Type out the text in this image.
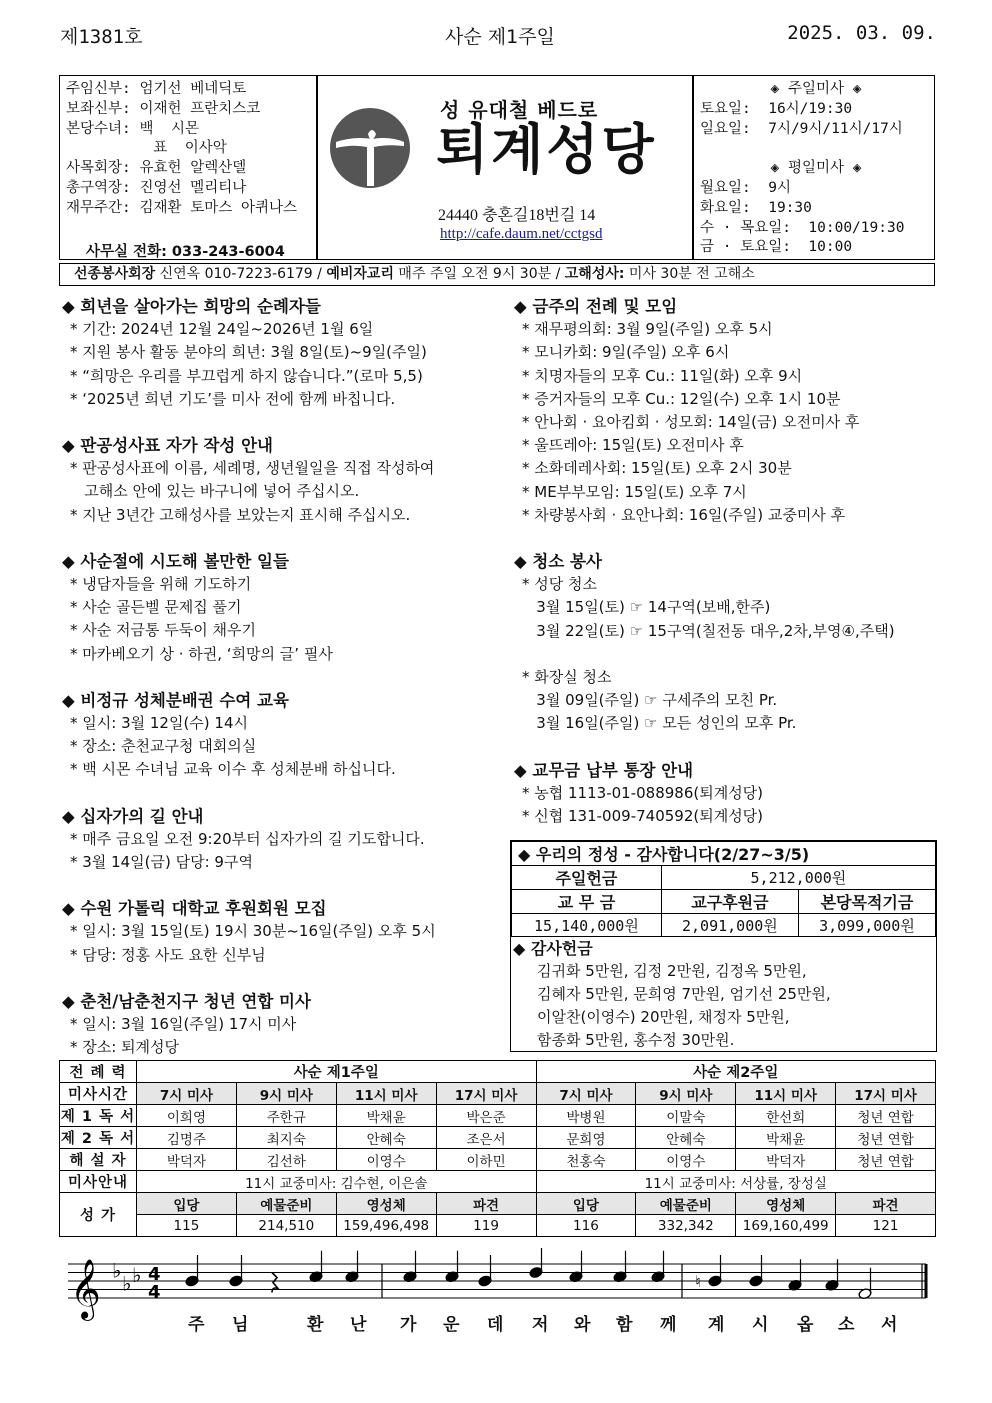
제1381호	사순 제1주일	2025. 03. 09.
주임신부: 엄기선 베네딕토
보좌신부: 이재헌 프란치스코
본당수녀: 백  시몬
표  이사악
사목회장: 유효헌 알렉산델
총구역장: 진영선 멜리티나
재무주간: 김재환 토마스 아퀴나스
사무실 전화: 033-243-6004
성 유대철 베드로
퇴계성당
24440 충혼길18번길 14
http://cafe.daum.net/cctgsd
◈ 주일미사 ◈
토요일:  16시/19:30
일요일:  7시/9시/11시/17시

◈ 평일미사 ◈
월요일:  9시
화요일:  19:30
수 · 목요일:  10:00/19:30
금 · 토요일:  10:00
선종봉사회장 신연옥 010-7223-6179 / 예비자교리 매주 주일 오전 9시 30분 / 고해성사: 미사 30분 전 고해소
◆ 희년을 살아가는 희망의 순례자들
* 기간: 2024년 12월 24일~2026년 1월 6일
* 지원 봉사 활동 분야의 희년: 3월 8일(토)~9일(주일)
* “희망은 우리를 부끄럽게 하지 않습니다.”(로마 5,5)
* ‘2025년 희년 기도’를 미사 전에 함께 바칩니다.
◆ 판공성사표 자가 작성 안내
* 판공성사표에 이름, 세례명, 생년월일을 직접 작성하여
고해소 안에 있는 바구니에 넣어 주십시오.
* 지난 3년간 고해성사를 보았는지 표시해 주십시오.
◆ 사순절에 시도해 볼만한 일들
* 냉담자들을 위해 기도하기
* 사순 골든벨 문제집 풀기
* 사순 저금통 두둑이 채우기
* 마카베오기 상 · 하권, ‘희망의 글’ 필사
◆ 비정규 성체분배권 수여 교육
* 일시: 3월 12일(수) 14시
* 장소: 춘천교구청 대회의실
* 백 시몬 수녀님 교육 이수 후 성체분배 하십니다.
◆ 십자가의 길 안내
* 매주 금요일 오전 9:20부터 십자가의 길 기도합니다.
* 3월 14일(금) 담당: 9구역
◆ 수원 가톨릭 대학교 후원회원 모집
* 일시: 3월 15일(토) 19시 30분~16일(주일) 오후 5시
* 담당: 정홍 사도 요한 신부님
◆ 춘천/남춘천지구 청년 연합 미사
* 일시: 3월 16일(주일) 17시 미사
* 장소: 퇴계성당
◆ 금주의 전례 및 모임
* 재무평의회: 3월 9일(주일) 오후 5시
* 모니카회: 9일(주일) 오후 6시
* 치명자들의 모후 Cu.: 11일(화) 오후 9시
* 증거자들의 모후 Cu.: 12일(수) 오후 1시 10분
* 안나회 · 요아킴회 · 성모회: 14일(금) 오전미사 후
* 울뜨레아: 15일(토) 오전미사 후
* 소화데레사회: 15일(토) 오후 2시 30분
* ME부부모임: 15일(토) 오후 7시
* 차량봉사회 · 요안나회: 16일(주일) 교중미사 후
◆ 청소 봉사
* 성당 청소
3월 15일(토) ☞ 14구역(보배,한주)
3월 22일(토) ☞ 15구역(칠전동 대우,2차,부영④,주택)

* 화장실 청소
3월 09일(주일) ☞ 구세주의 모친 Pr.
3월 16일(주일) ☞ 모든 성인의 모후 Pr.
◆ 교무금 납부 통장 안내
* 농협 1113-01-088986(퇴계성당)
* 신협 131-009-740592(퇴계성당)
◆ 우리의 정성 - 감사합니다(2/27~3/5)		
주일헌금	5,212,000원	
교 무 금	교구후원금	본당목적기금
15,140,000원	2,091,000원	3,099,000원
◆ 감사헌금
김귀화 5만원, 김정 2만원, 김정옥 5만원,
김혜자 5만원, 문희영 7만원, 엄기선 25만원,
이알찬(이영수) 20만원, 채정자 5만원,
함종화 5만원, 홍수정 30만원.
전 례 력	사순 제1주일				사순 제2주일			
미사시간	7시 미사	9시 미사	11시 미사	17시 미사	7시 미사	9시 미사	11시 미사	17시 미사
제 1 독 서	이희영	주한규	박채윤	박은준	박병원	이말숙	한선희	청년 연합
제 2 독 서	김명주	최지숙	안혜숙	조은서	문희영	안혜숙	박채윤	청년 연합
해 설 자	박덕자	김선하	이영수	이하민	천홍숙	이영수	박덕자	청년 연합
미사안내	11시 교중미사: 김수현, 이은솔				11시 교중미사: 서상률, 장성실			
성 가	입당	예물준비	영성체	파견	입당	예물준비	영성체	파견
	115	214,510	159,496,498	119	116	332,342	169,160,499	121
𝄞 ♭
♭ ♭ 4
4
♮
주 님	환 난 가 운 데 저 와 함 께 계 시 옵 소 서
